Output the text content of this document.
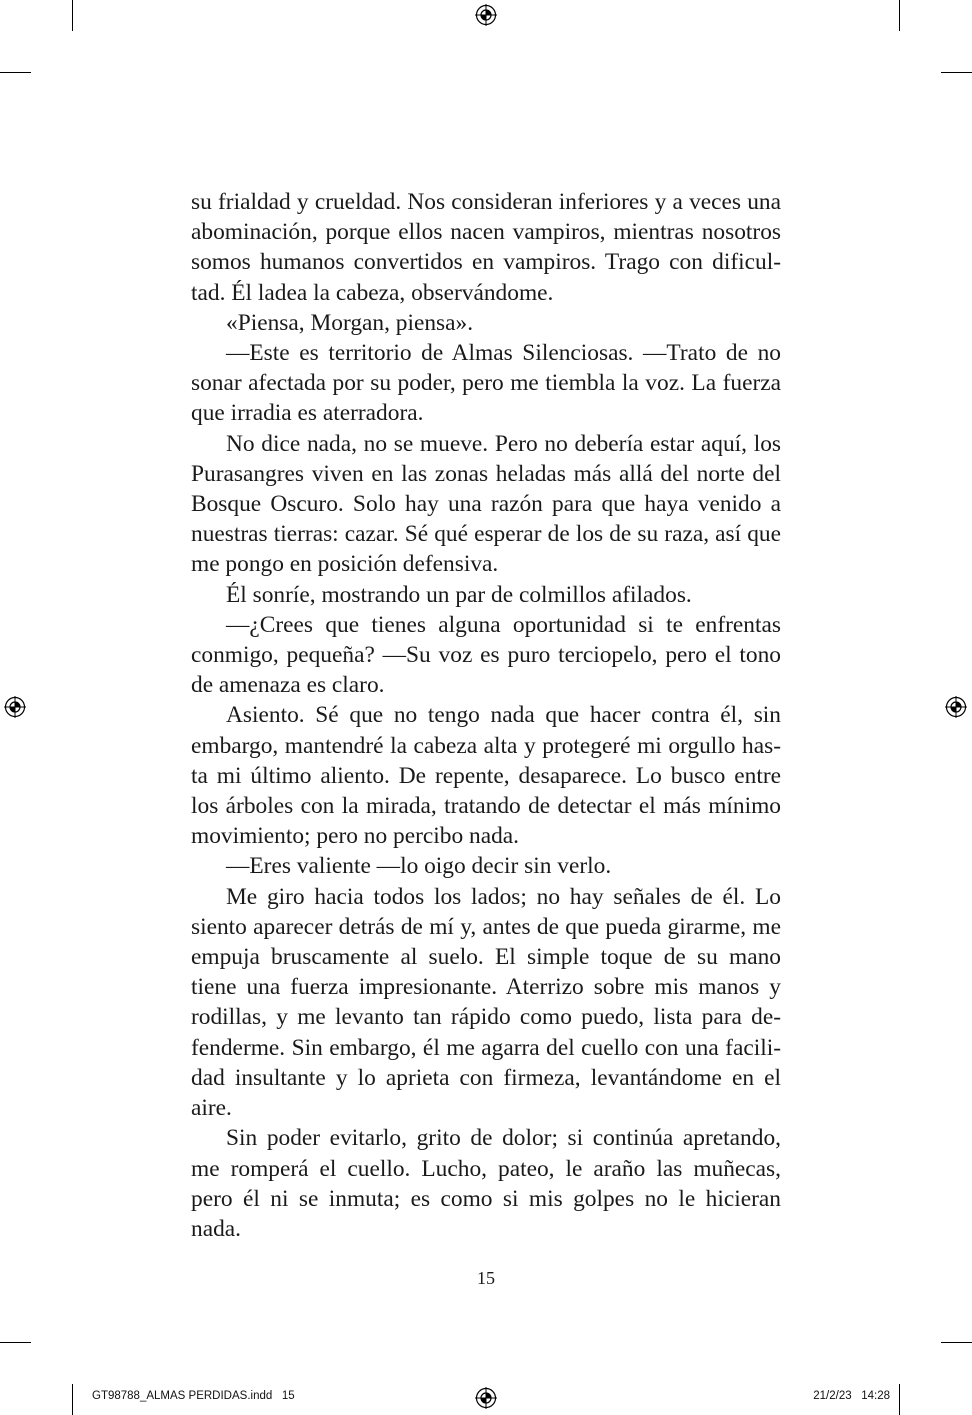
su frialdad y crueldad. Nos consideran inferiores y a veces una abominación, porque ellos nacen vampiros, mientras nosotros somos humanos convertidos en vampiros. Trago con dificultad. Él ladea la cabeza, observándome.

«Piensa, Morgan, piensa».

—Este es territorio de Almas Silenciosas. —Trato de no sonar afectada por su poder, pero me tiembla la voz. La fuerza que irradia es aterradora.

No dice nada, no se mueve. Pero no debería estar aquí, los Purasangres viven en las zonas heladas más allá del norte del Bosque Oscuro. Solo hay una razón para que haya venido a nuestras tierras: cazar. Sé qué esperar de los de su raza, así que me pongo en posición defensiva.

Él sonríe, mostrando un par de colmillos afilados.

—¿Crees que tienes alguna oportunidad si te enfrentas conmigo, pequeña? —Su voz es puro terciopelo, pero el tono de amenaza es claro.

Asiento. Sé que no tengo nada que hacer contra él, sin embargo, mantendré la cabeza alta y protegeré mi orgullo hasta mi último aliento. De repente, desaparece. Lo busco entre los árboles con la mirada, tratando de detectar el más mínimo movimiento; pero no percibo nada.

—Eres valiente —lo oigo decir sin verlo.

Me giro hacia todos los lados; no hay señales de él. Lo siento aparecer detrás de mí y, antes de que pueda girarme, me empuja bruscamente al suelo. El simple toque de su mano tiene una fuerza impresionante. Aterrizo sobre mis manos y rodillas, y me levanto tan rápido como puedo, lista para defenderme. Sin embargo, él me agarra del cuello con una facilidad insultante y lo aprieta con firmeza, levantándome en el aire.

Sin poder evitarlo, grito de dolor; si continúa apretando, me romperá el cuello. Lucho, pateo, le araño las muñecas, pero él ni se inmuta; es como si mis golpes no le hicieran nada.

15
GT98788_ALMAS PERDIDAS.indd   15	21/2/23   14:28
